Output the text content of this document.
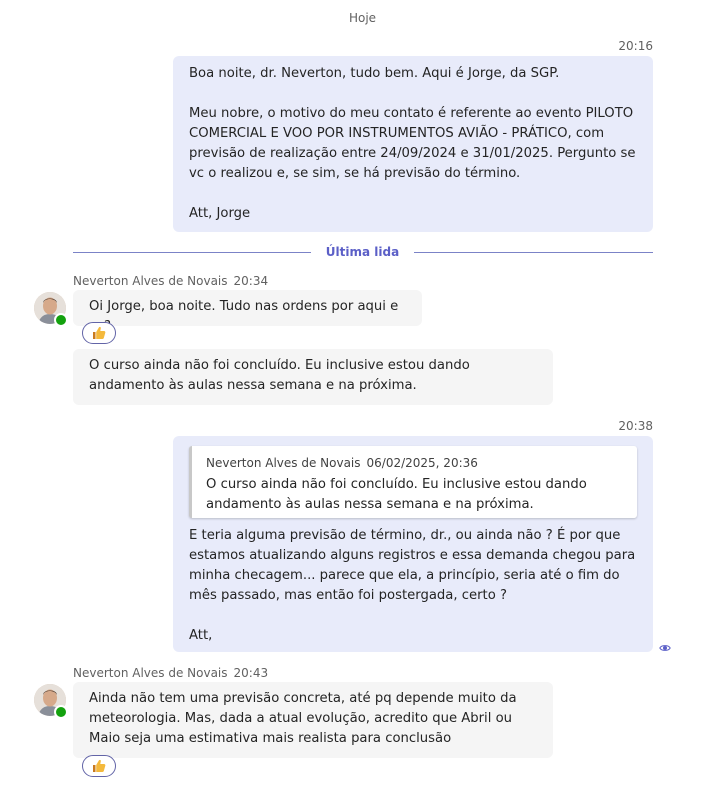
Hoje
20:16
Boa noite, dr. Neverton, tudo bem. Aqui é Jorge, da SGP.
Meu nobre, o motivo do meu contato é referente ao evento PILOTO COMERCIAL E VOO POR INSTRUMENTOS AVIÃO - PRÁTICO, com previsão de realização entre 24/09/2024 e 31/01/2025. Pergunto se vc o realizou e, se sim, se há previsão do término.
Att, Jorge
Última lida
Neverton Alves de Novais 20:34
Oi Jorge, boa noite. Tudo nas ordens por aqui e
O curso ainda não foi concluído. Eu inclusive estou dando andamento às aulas nessa semana e na próxima.
20:38
Neverton Alves de Novais 06/02/2025, 20:36
O curso ainda não foi concluído. Eu inclusive estou dando andamento às aulas nessa semana e na próxima.
E teria alguma previsão de término, dr., ou ainda não ? É por que estamos atualizando alguns registros e essa demanda chegou para minha checagem... parece que ela, a princípio, seria até o fim do mês passado, mas então foi postergada, certo ?
Att,
Neverton Alves de Novais 20:43
Ainda não tem uma previsão concreta, até pq depende muito da meteorologia. Mas, dada a atual evolução, acredito que Abril ou Maio seja uma estimativa mais realista para conclusão
